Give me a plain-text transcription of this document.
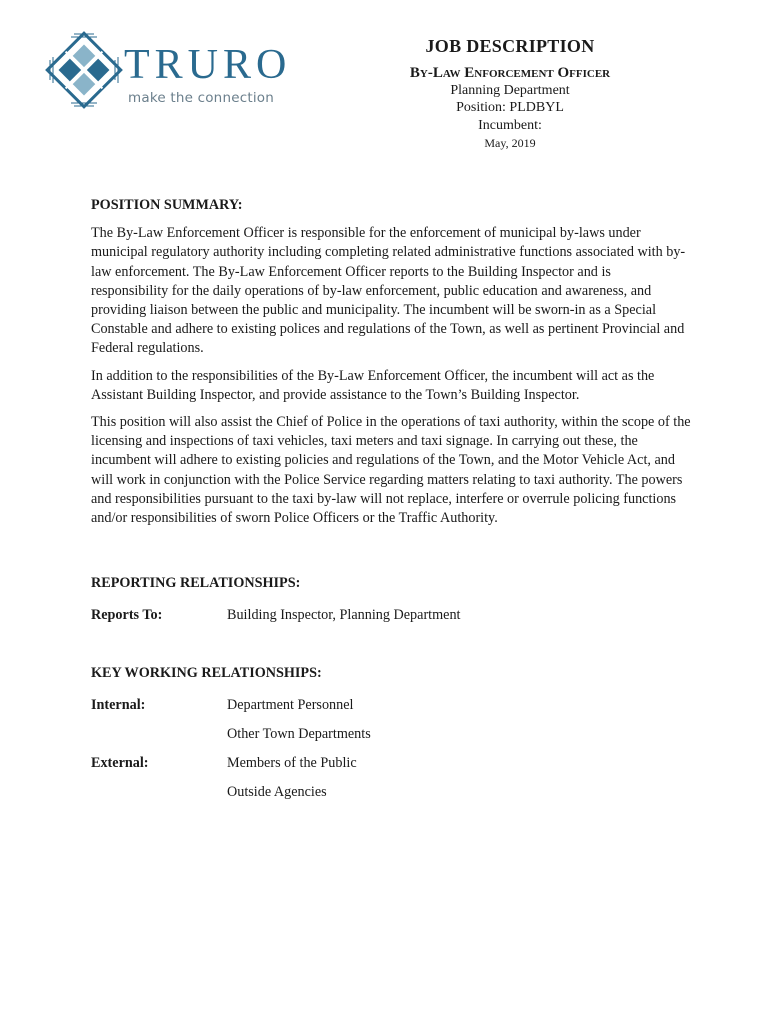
TRURO
make the connection
JOB DESCRIPTION
By-Law Enforcement Officer
Planning Department
Position: PLDBYL
Incumbent:
May, 2019
POSITION SUMMARY:

The By-Law Enforcement Officer is responsible for the enforcement of municipal by-laws under municipal regulatory authority including completing related administrative functions associated with by-law enforcement. The By-Law Enforcement Officer reports to the Building Inspector and is responsibility for the daily operations of by-law enforcement, public education and awareness, and providing liaison between the public and municipality. The incumbent will be sworn-in as a Special Constable and adhere to existing polices and regulations of the Town, as well as pertinent Provincial and Federal regulations.

In addition to the responsibilities of the By-Law Enforcement Officer, the incumbent will act as the Assistant Building Inspector, and provide assistance to the Town’s Building Inspector.

This position will also assist the Chief of Police in the operations of taxi authority, within the scope of the licensing and inspections of taxi vehicles, taxi meters and taxi signage. In carrying out these, the incumbent will adhere to existing policies and regulations of the Town, and the Motor Vehicle Act, and will work in conjunction with the Police Service regarding matters relating to taxi authority. The powers and responsibilities pursuant to the taxi by-law will not replace, interfere or overrule policing functions and/or responsibilities of sworn Police Officers or the Traffic Authority.

REPORTING RELATIONSHIPS:
Reports To:	Building Inspector, Planning Department
KEY WORKING RELATIONSHIPS:
Internal:	Department Personnel
Other Town Departments
External:	Members of the Public
Outside Agencies
